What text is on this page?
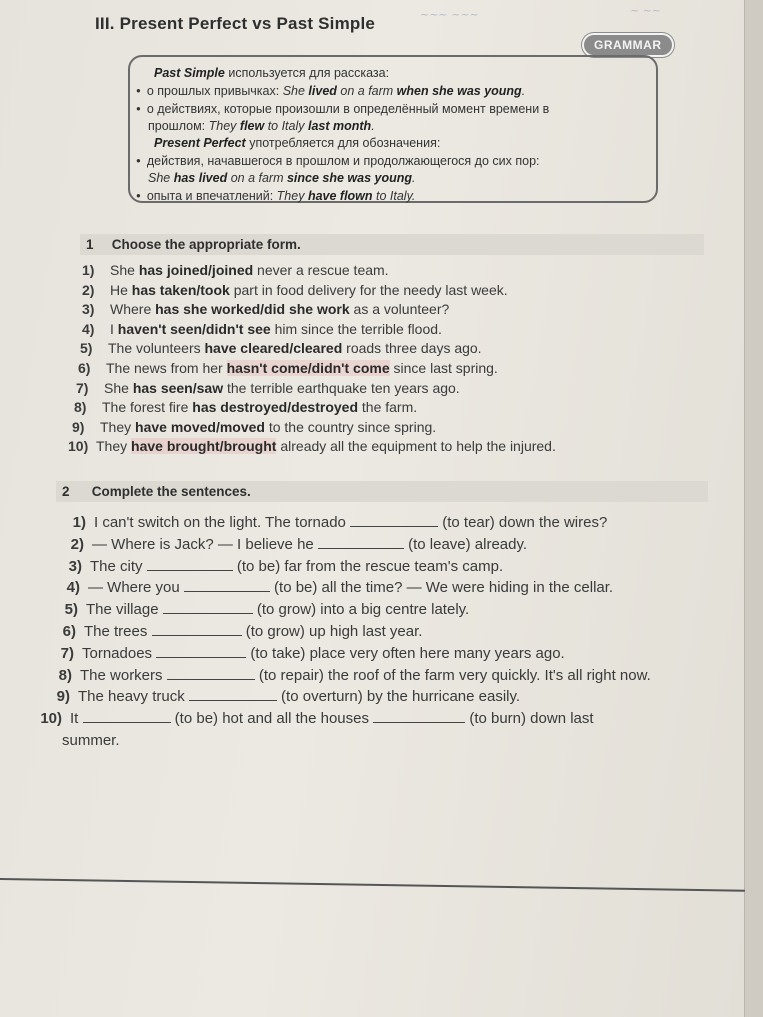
~~~ ~~~	~ ~~
III. Present Perfect vs Past Simple
GRAMMAR
Past Simple используется для рассказа:
● о прошлых привычках: She lived on a farm when she was young.
● о действиях, которые произошли в определённый момент времени в
прошлом: They flew to Italy last month.
Present Perfect употребляется для обозначения:
● действия, начавшегося в прошлом и продолжающегося до сих пор:
She has lived on a farm since she was young.
● опыта и впечатлений: They have flown to Italy.
1 Choose the appropriate form.
1) She has joined/joined never a rescue team.
2) He has taken/took part in food delivery for the needy last week.
3) Where has she worked/did she work as a volunteer?
4) I haven't seen/didn't see him since the terrible flood.
5) The volunteers have cleared/cleared roads three days ago.
6) The news from her hasn't come/didn't come since last spring.
7) She has seen/saw the terrible earthquake ten years ago.
8) The forest fire has destroyed/destroyed the farm.
9) They have moved/moved to the country since spring.
10) They have brought/brought already all the equipment to help the injured.
2 Complete the sentences.
1) I can't switch on the light. The tornado	(to tear) down the wires?
2) — Where is Jack? — I believe he	(to leave) already.
3) The city	(to be) far from the rescue team's camp.
4) — Where you	(to be) all the time? — We were hiding in the cellar.
5) The village	(to grow) into a big centre lately.
6) The trees	(to grow) up high last year.
7) Tornadoes	(to take) place very often here many years ago.
8) The workers	(to repair) the roof of the farm very quickly. It's all right now.
9) The heavy truck	(to overturn) by the hurricane easily.
10) It	(to be) hot and all the houses	(to burn) down last
summer.
